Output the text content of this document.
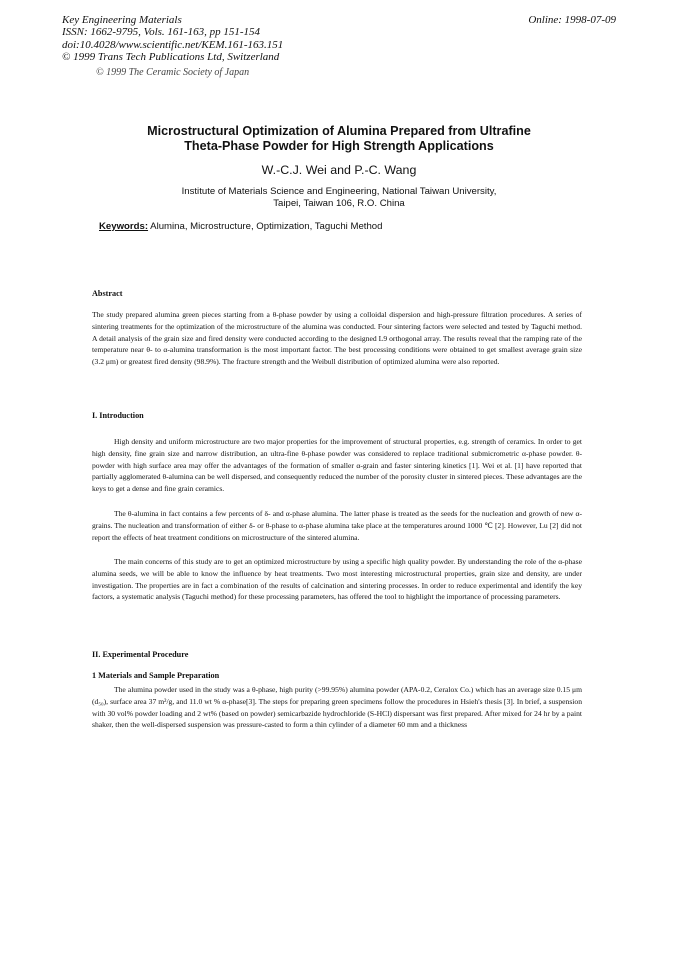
Key Engineering Materials
ISSN: 1662-9795, Vols. 161-163, pp 151-154
doi:10.4028/www.scientific.net/KEM.161-163.151
© 1999 Trans Tech Publications Ltd, Switzerland
Online: 1998-07-09
© 1999 The Ceramic Society of Japan
Microstructural Optimization of Alumina Prepared from Ultrafine
Theta-Phase Powder for High Strength Applications
W.-C.J. Wei and P.-C. Wang
Institute of Materials Science and Engineering, National Taiwan University,
Taipei, Taiwan 106, R.O. China
Keywords: Alumina, Microstructure, Optimization, Taguchi Method
Abstract

The study prepared alumina green pieces starting from a θ-phase powder by using a colloidal dispersion and high-pressure filtration procedures. A series of sintering treatments for the optimization of the microstructure of the alumina was conducted. Four sintering factors were selected and tested by Taguchi method. A detail analysis of the grain size and fired density were conducted according to the designed L9 orthogonal array. The results reveal that the ramping rate of the temperature near θ- to α-alumina transformation is the most important factor. The best processing conditions were obtained to get smallest average grain size (3.2 μm) or greatest fired density (98.9%). The fracture strength and the Weibull distribution of optimized alumina were also reported.

I. Introduction

High density and uniform microstructure are two major properties for the improvement of structural properties, e.g. strength of ceramics. In order to get high density, fine grain size and narrow distribution, an ultra-fine θ-phase powder was considered to replace traditional submicrometric α-phase powder. θ-powder with high surface area may offer the advantages of the formation of smaller α-grain and faster sintering kinetics [1]. Wei et al. [1] have reported that partially agglomerated θ-alumina can be well dispersed, and consequently reduced the number of the porosity cluster in sintered pieces. These advantages are the keys to get a dense and fine grain ceramics.

The θ-alumina in fact contains a few percents of δ- and α-phase alumina. The latter phase is treated as the seeds for the nucleation and growth of new α-grains. The nucleation and transformation of either δ- or θ-phase to α-phase alumina take place at the temperatures around 1000 ℃ [2]. However, Lu [2] did not report the effects of heat treatment conditions on microstructure of the sintered alumina.

The main concerns of this study are to get an optimized microstructure by using a specific high quality powder. By understanding the role of the α-phase alumina seeds, we will be able to know the influence by heat treatments. Two most interesting microstructural properties, grain size and density, are under investigation. The properties are in fact a combination of the results of calcination and sintering processes. In order to reduce experimental and identify the key factors, a systematic analysis (Taguchi method) for these processing parameters, has offered the tool to highlight the importance of processing parameters.

II. Experimental Procedure
1 Materials and Sample Preparation

The alumina powder used in the study was a θ-phase, high purity (>99.95%) alumina powder (APA-0.2, Ceralox Co.) which has an average size 0.15 μm (d₅₀), surface area 37 m²/g, and 11.0 wt % α-phase[3]. The steps for preparing green specimens follow the procedures in Hsieh's thesis [3]. In brief, a suspension with 30 vol% powder loading and 2 wt% (based on powder) semicarbazide hydrochloride (S-HCl) dispersant was first prepared. After mixed for 24 hr by a paint shaker, then the well-dispersed suspension was pressure-casted to form a thin cylinder of a diameter 60 mm and a thickness
